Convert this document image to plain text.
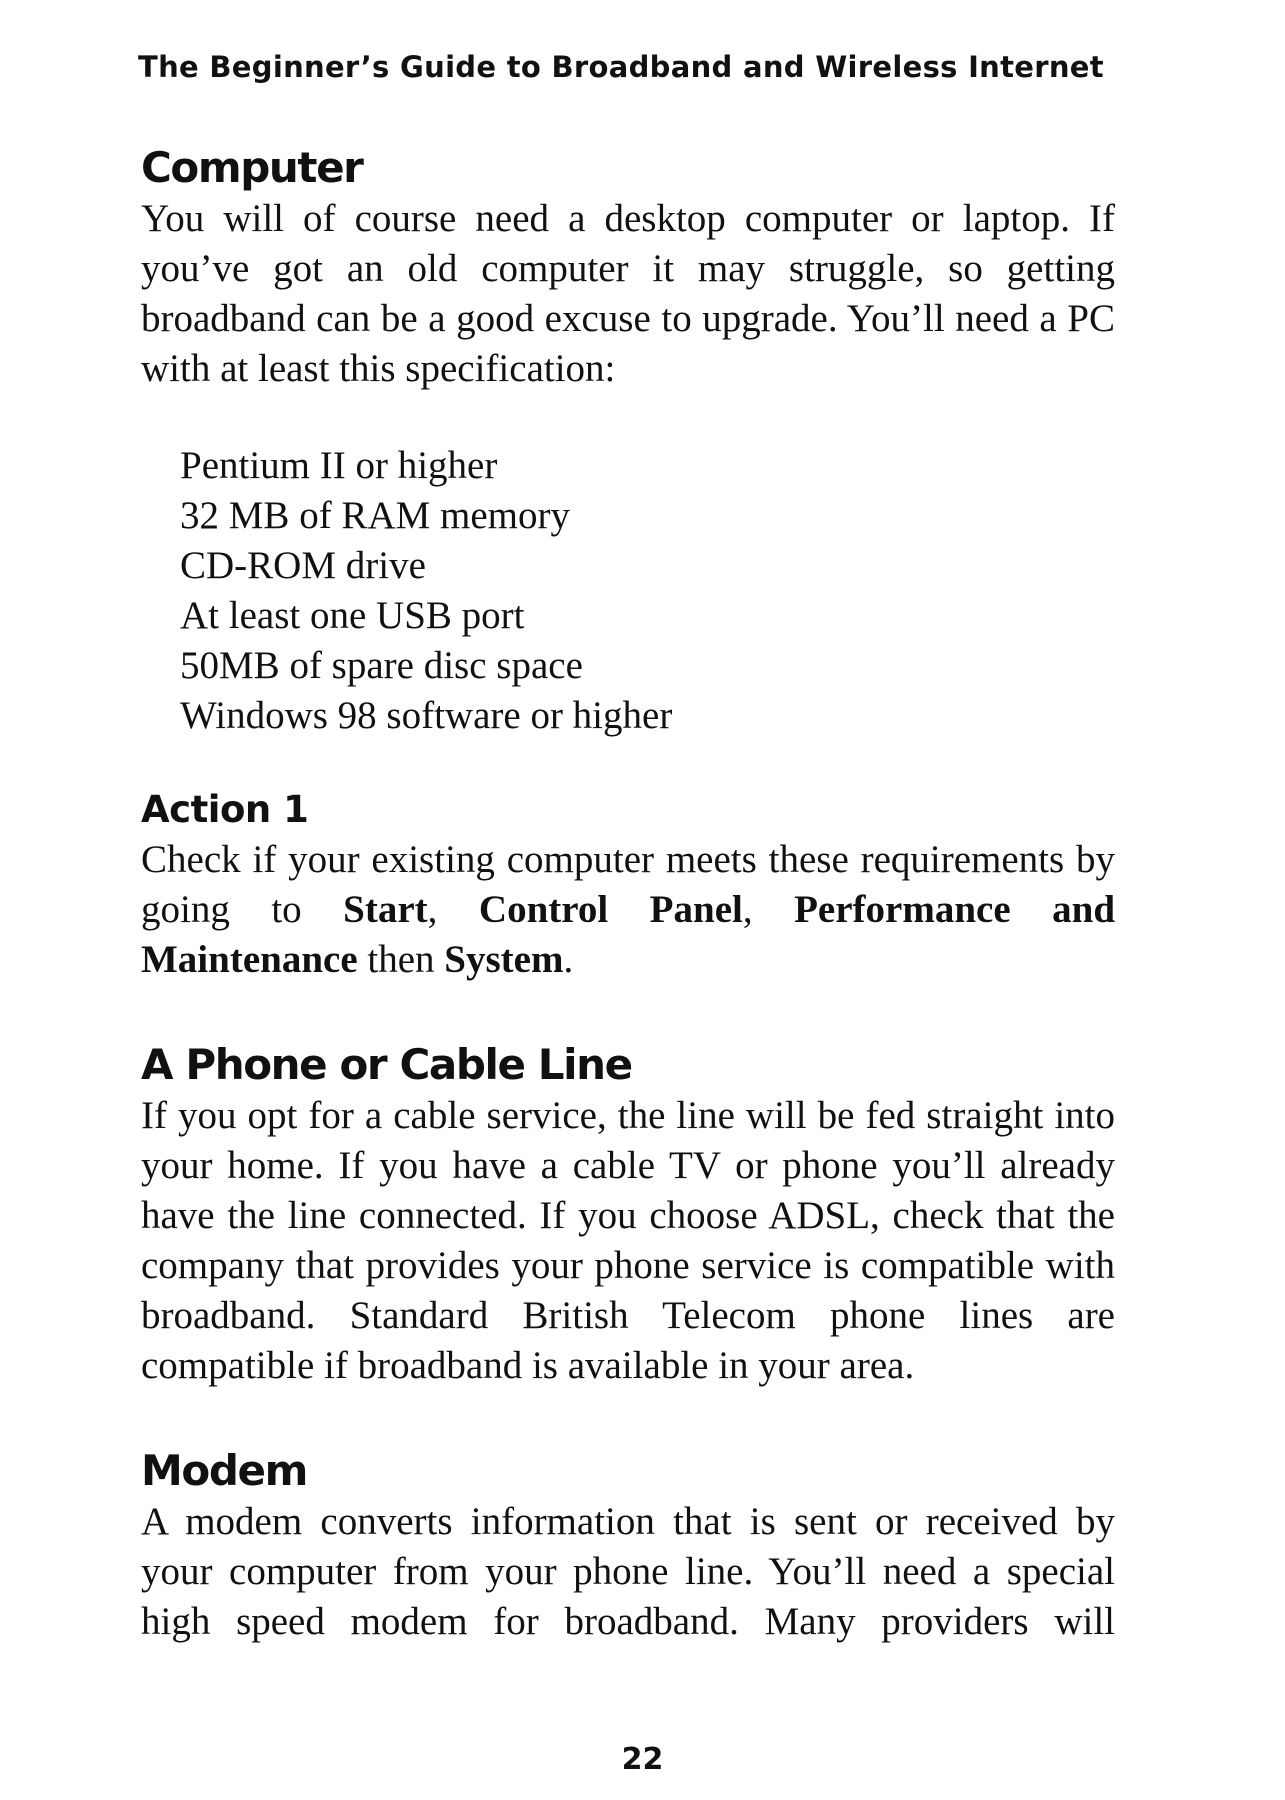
The Beginner’s Guide to Broadband and Wireless Internet
Computer

You will of course need a desktop computer or laptop. If you’ve got an old computer it may struggle, so getting broadband can be a good excuse to upgrade. You’ll need a PC with at least this specification:

Pentium II or higher
32 MB of RAM memory
CD-ROM drive
At least one USB port
50MB of spare disc space
Windows 98 software or higher
Action 1

Check if your existing computer meets these requirements by going to Start, Control Panel, Performance and Maintenance then System.

A Phone or Cable Line

If you opt for a cable service, the line will be fed straight into your home. If you have a cable TV or phone you’ll already have the line connected. If you choose ADSL, check that the company that provides your phone service is compatible with broadband. Standard British Telecom phone lines are compatible if broadband is available in your area.

Modem

A modem converts information that is sent or received by your computer from your phone line. You’ll need a special high speed modem for broadband. Many providers will

22
